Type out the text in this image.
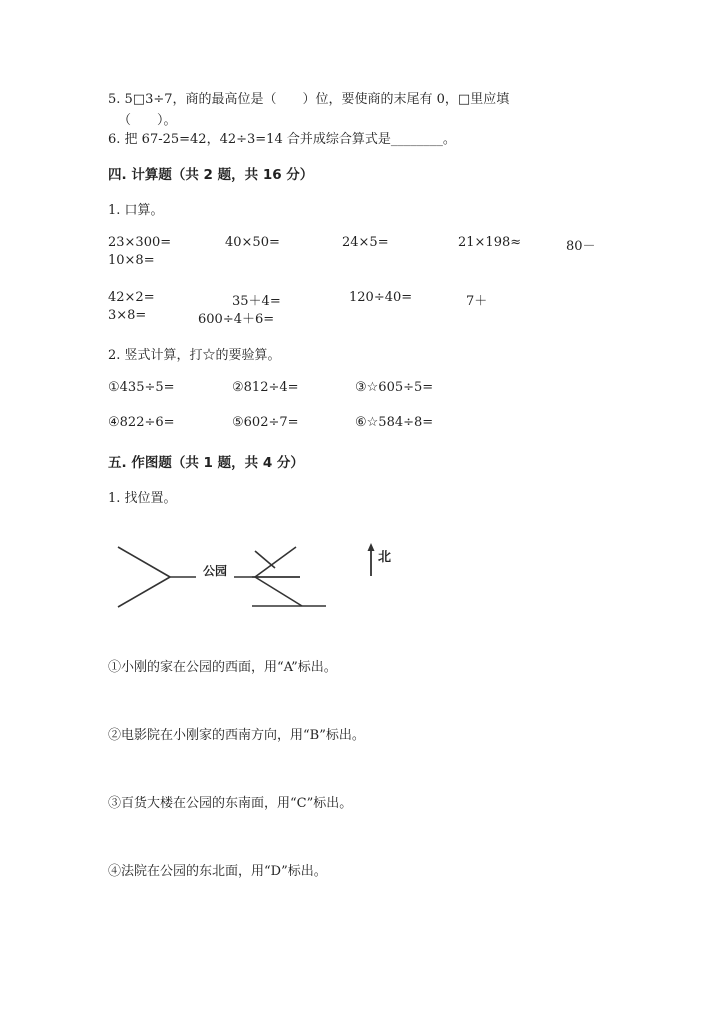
5. 5□3÷7，商的最高位是（　　）位，要使商的末尾有 0，□里应填
（　　）。
6. 把 67-25=42，42÷3=14 合并成综合算式是________。
四. 计算题（共 2 题，共 16 分）
1. 口算。
23×300=	40×50=	24×5=	21×198≈	80－
10×8=
42×2=	35＋4=	120÷40=	7＋
3×8=	600÷4＋6=
2. 竖式计算，打☆的要验算。
①435÷5=	②812÷4=	③☆605÷5=
④822÷6=	⑤602÷7=	⑥☆584÷8=
五. 作图题（共 1 题，共 4 分）
1. 找位置。
公园
北
①小刚的家在公园的西面，用“A”标出。
②电影院在小刚家的西南方向，用“B”标出。
③百货大楼在公园的东南面，用“C”标出。
④法院在公园的东北面，用“D”标出。
